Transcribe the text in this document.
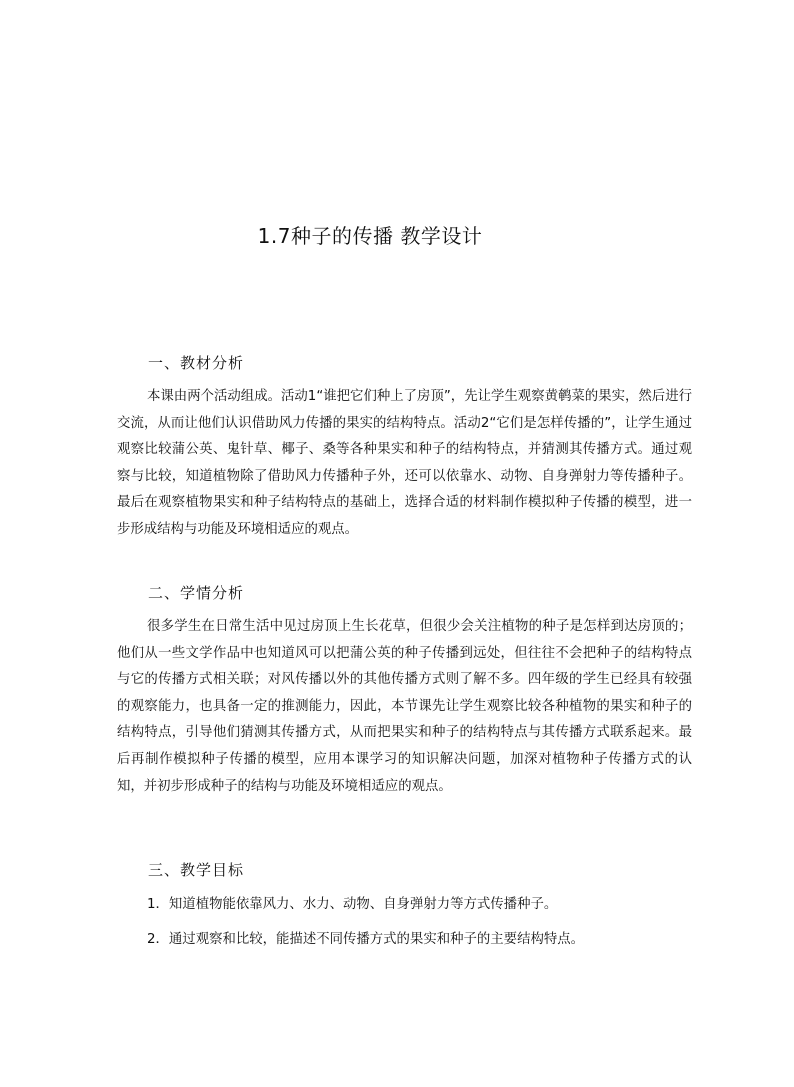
1.7种子的传播 教学设计
一、教材分析

本课由两个活动组成。活动1“谁把它们种上了房顶”，先让学生观察黄鹌菜的果实，然后进行交流，从而让他们认识借助风力传播的果实的结构特点。活动2“它们是怎样传播的”，让学生通过观察比较蒲公英、鬼针草、椰子、桑等各种果实和种子的结构特点，并猜测其传播方式。通过观察与比较，知道植物除了借助风力传播种子外，还可以依靠水、动物、自身弹射力等传播种子。最后在观察植物果实和种子结构特点的基础上，选择合适的材料制作模拟种子传播的模型，进一步形成结构与功能及环境相适应的观点。

二、学情分析

很多学生在日常生活中见过房顶上生长花草，但很少会关注植物的种子是怎样到达房顶的；他们从一些文学作品中也知道风可以把蒲公英的种子传播到远处，但往往不会把种子的结构特点与它的传播方式相关联；对风传播以外的其他传播方式则了解不多。四年级的学生已经具有较强的观察能力，也具备一定的推测能力，因此，本节课先让学生观察比较各种植物的果实和种子的结构特点，引导他们猜测其传播方式，从而把果实和种子的结构特点与其传播方式联系起来。最后再制作模拟种子传播的模型，应用本课学习的知识解决问题，加深对植物种子传播方式的认知，并初步形成种子的结构与功能及环境相适应的观点。

三、教学目标

1．知道植物能依靠风力、水力、动物、自身弹射力等方式传播种子。

2．通过观察和比较，能描述不同传播方式的果实和种子的主要结构特点。
